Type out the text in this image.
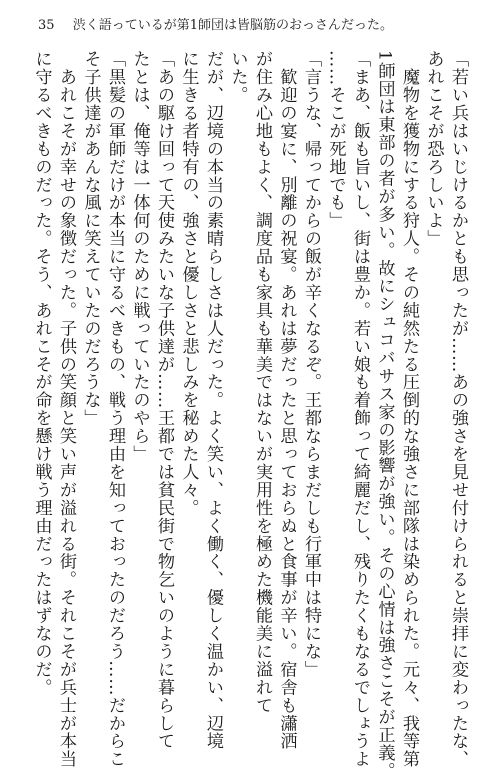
35 渋く語っているが第1師団は皆脳筋のおっさんだった。
「若い兵はいじけるかとも思ったが……あの強さを見せ付けられると崇拝に変わったな、
あれこそが恐ろしいよ」
　魔物を獲物にする狩人。その純然たる圧倒的な強さに部隊は染められた。元々、我等第
1師団は東部の者が多い。故にシュコバサス家の影響が強い。その心情は強さこそが正義。
「まあ、飯も旨いし、街は豊か。若い娘も着飾って綺麗だし、残りたくもなるでしょうよ
……そこが死地でも」
「言うな、帰ってからの飯が辛くなるぞ。王都ならまだしも行軍中は特にな」
　歓迎の宴に、別離の祝宴。あれは夢だったと思っておらぬと食事が辛い。宿舎も瀟洒
いた。
だが、辺境の本当の素晴らしさは人だった。よく笑い、よく働く、優しく温かい、辺境
に生きる者特有の、強さと優しさと悲しみを秘めた人々。
「あの駆け回って天使みたいな子供達が……王都では貧民街で物乞いのように暮らして
たとは、俺等は一体何のために戦っていたのやら」
「黒髪の軍師だけが本当に守るべきもの、戦う理由を知っておったのだろう……だからこ
そ子供達があんな風に笑えていたのだろうな」
　あれこそが幸せの象徴だった。子供の笑顔と笑い声が溢れる街。それこそが兵士が本当
に守るべきものだった。そう、あれこそが命を懸け戦う理由だったはずなのだ。	が住み心地もよく、調度品も家具も華美ではないが実用性を極めた機能美に溢れて
